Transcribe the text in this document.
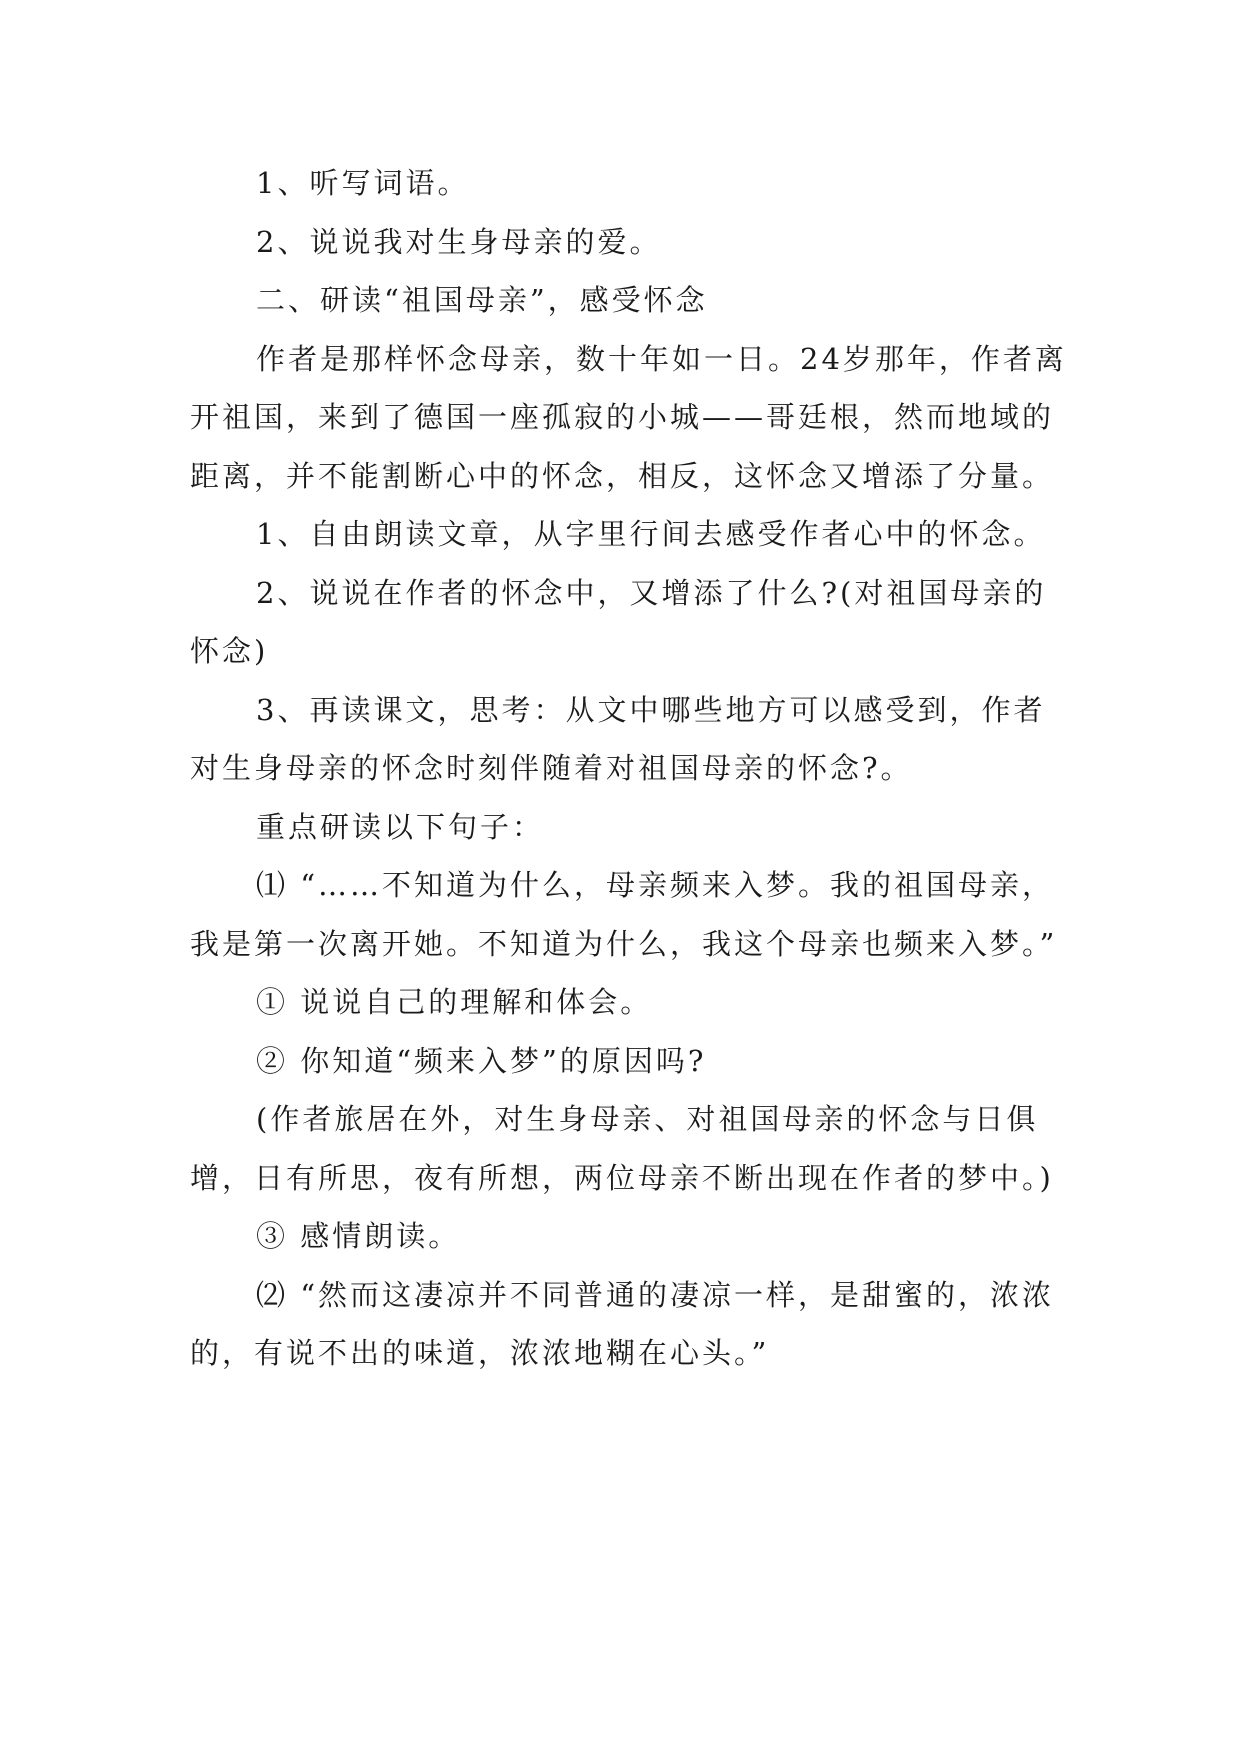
1、听写词语。

2、说说我对生身母亲的爱。

二、研读“祖国母亲”，感受怀念

作者是那样怀念母亲，数十年如一日。24岁那年，作者离开祖国，来到了德国一座孤寂的小城——哥廷根，然而地域的距离，并不能割断心中的怀念，相反，这怀念又增添了分量。

1、自由朗读文章，从字里行间去感受作者心中的怀念。

2、说说在作者的怀念中，又增添了什么?(对祖国母亲的怀念)

3、再读课文，思考：从文中哪些地方可以感受到，作者对生身母亲的怀念时刻伴随着对祖国母亲的怀念?。

重点研读以下句子：

⑴ “……不知道为什么，母亲频来入梦。我的祖国母亲，我是第一次离开她。不知道为什么，我这个母亲也频来入梦。”

① 说说自己的理解和体会。

② 你知道“频来入梦”的原因吗?

(作者旅居在外，对生身母亲、对祖国母亲的怀念与日俱增，日有所思，夜有所想，两位母亲不断出现在作者的梦中。)

③ 感情朗读。

⑵ “然而这凄凉并不同普通的凄凉一样，是甜蜜的，浓浓的，有说不出的味道，浓浓地糊在心头。”
